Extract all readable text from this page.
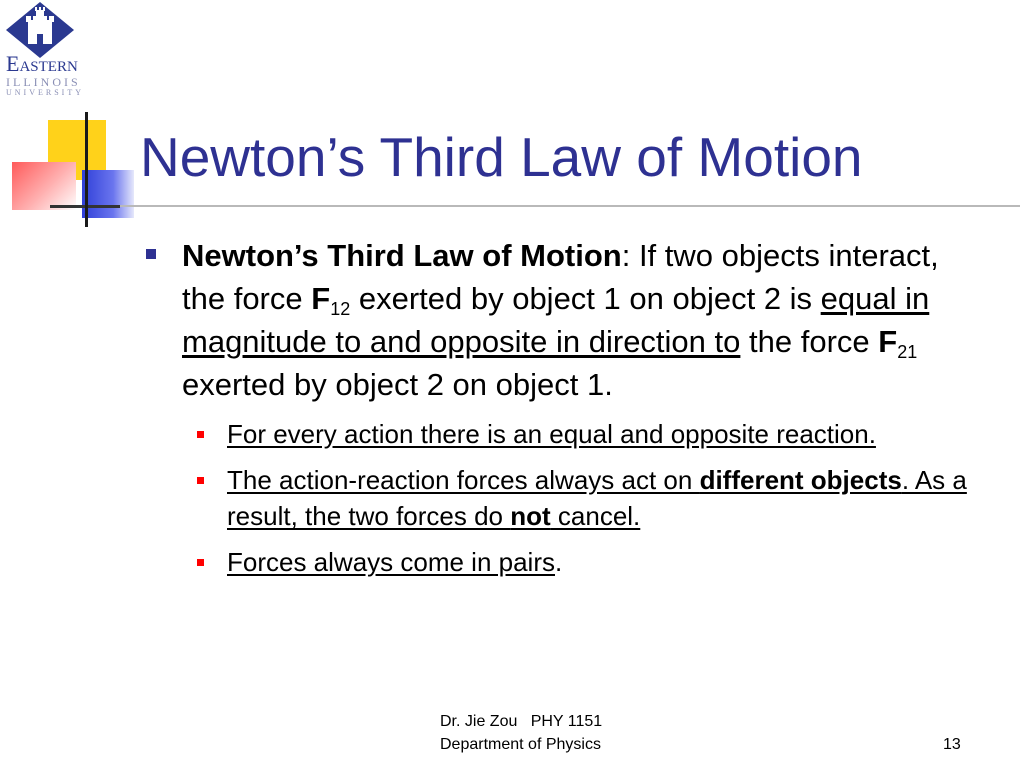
Eastern
ILLINOIS
UNIVERSITY
Newton’s Third Law of Motion
Newton’s Third Law of Motion: If two objects interact, the force $F_{12}$ exerted by object 1 on object 2 is equal in magnitude to and opposite in direction to the force $F_{21}$ exerted by object 2 on object 1.
For every action there is an equal and opposite reaction.
The action-reaction forces always act on different objects. As a result, the two forces do not cancel.
Forces always come in pairs.
Dr. Jie Zou   PHY 1151
Department of Physics	13
